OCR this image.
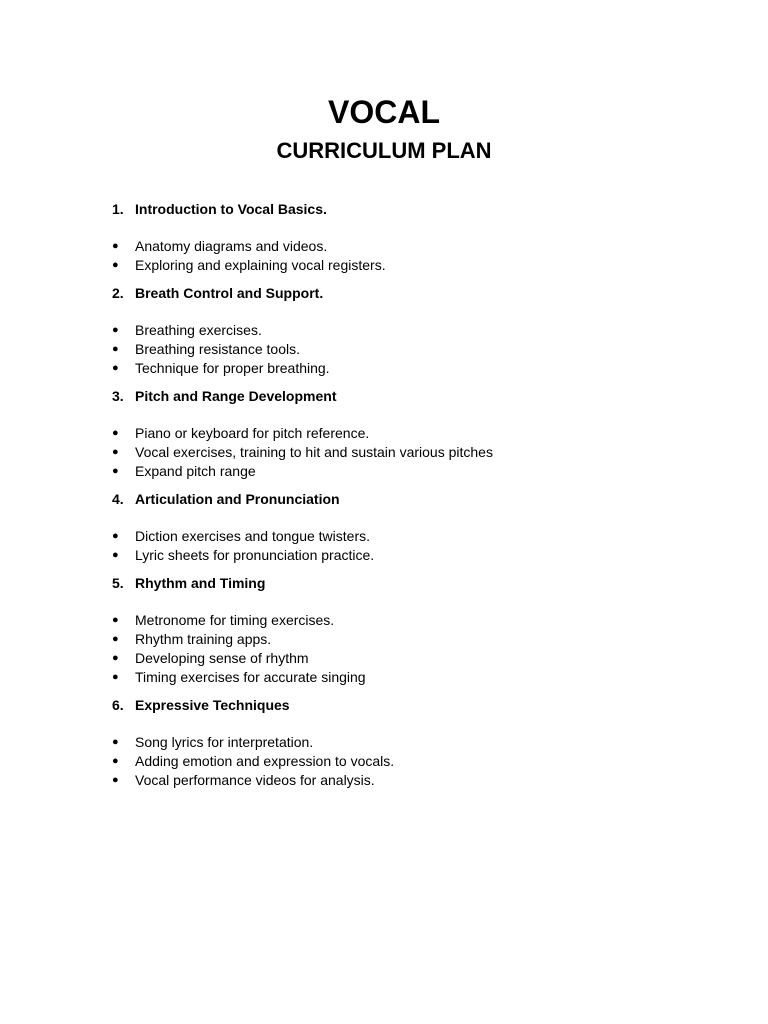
VOCAL
CURRICULUM PLAN
1. Introduction to Vocal Basics.
●	Anatomy diagrams and videos.
●	Exploring and explaining vocal registers.
2. Breath Control and Support.
●	Breathing exercises.
●	Breathing resistance tools.
●	Technique for proper breathing.
3. Pitch and Range Development
●	Piano or keyboard for pitch reference.
●	Vocal exercises, training to hit and sustain various pitches
●	Expand pitch range
4. Articulation and Pronunciation
●	Diction exercises and tongue twisters.
●	Lyric sheets for pronunciation practice.
5. Rhythm and Timing
●	Metronome for timing exercises.
●	Rhythm training apps.
●	Developing sense of rhythm
●	Timing exercises for accurate singing
6. Expressive Techniques
●	Song lyrics for interpretation.
●	Adding emotion and expression to vocals.
●	Vocal performance videos for analysis.
